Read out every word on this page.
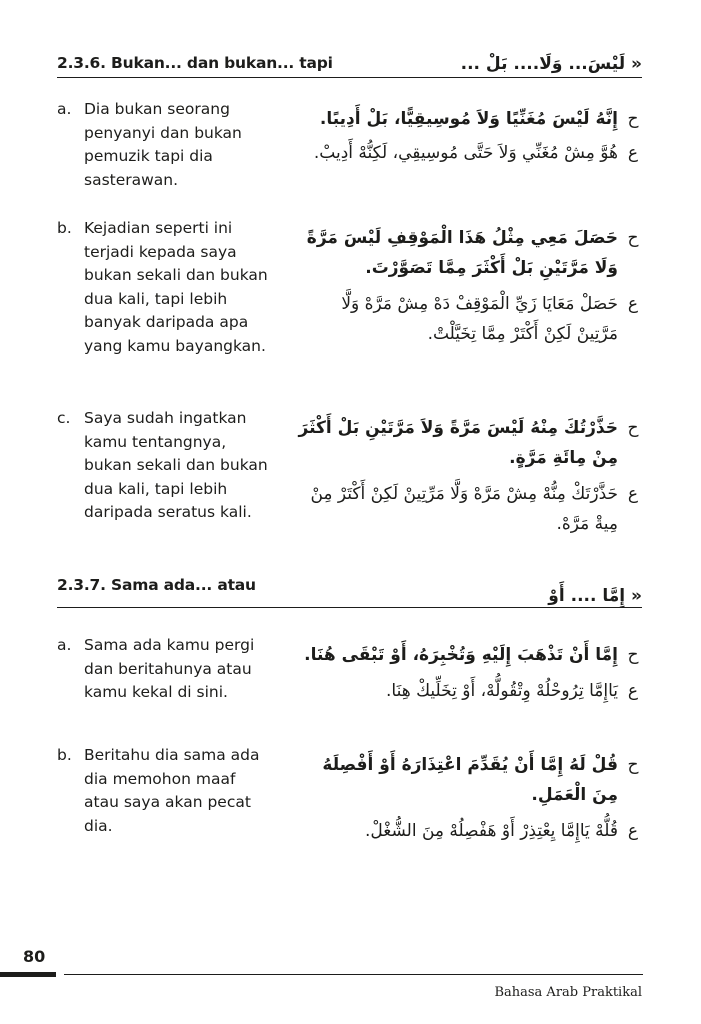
2.3.6. Bukan... dan bukan... tapi	« لَيْسَ... وَلَا.... بَلْ ...
a. Dia bukan seorang penyanyi dan bukan pemuzik tapi dia sasterawan.
ح
إِنَّهُ لَيْسَ مُغَنِّيًا وَلاَ مُوسِيقِيًّا، بَلْ أَدِيبًا.
ع
هُوَّ مِشْ مُغَنِّي وَلاَ حَتَّى مُوسِيقِي، لَكِنُّهْ أَدِيبْ.
b. Kejadian seperti ini terjadi kepada saya bukan sekali dan bukan dua kali, tapi lebih banyak daripada apa yang kamu bayangkan.
ح
حَصَلَ مَعِي مِثْلُ هَذَا الْمَوْقِفِ لَيْسَ مَرَّةً وَلَا مَرَّتَيْنِ بَلْ أَكْثَرَ مِمَّا تَصَوَّرْتَ.
ع
حَصَلْ مَعَايَا زَيِّ الْمَوْقِفْ دَهْ مِشْ مَرَّهْ وَلَّا مَرَّتِينْ لَكِنْ أَكْتَرْ مِمَّا تِخَيَّلْتْ.
c. Saya sudah ingatkan kamu tentangnya, bukan sekali dan bukan dua kali, tapi lebih daripada seratus kali.
ح
حَذَّرْتُكَ مِنْهُ لَيْسَ مَرَّةً وَلاَ مَرَّتَيْنِ بَلْ أَكْثَرَ مِنْ مِائَةِ مَرَّةٍ.
ع
حَذَّرْتَكْ مِنُّهْ مِشْ مَرَّهْ وَلَّا مَرِّتِينْ لَكِنْ أَكْتَرْ مِنْ مِيةْ مَرَّهْ.
2.3.7. Sama ada... atau
« إِمَّا .... أَوْ
a. Sama ada kamu pergi dan beritahunya atau kamu kekal di sini.
ح
إِمَّا أَنْ تَذْهَبَ إِلَيْهِ وَتُخْبِرَهُ، أَوْ تَبْقَى هُنَا.
ع
يَاإِمَّا تِرُوحْلُهْ وِتْقُولُّهْ، أَوْ تِخَلِّيكْ هِنَا.
b. Beritahu dia sama ada dia memohon maaf atau saya akan pecat dia.
ح
قُلْ لَهُ إِمَّا أَنْ يُقَدِّمَ اعْتِذَارَهُ أَوْ أَفْصِلَهُ مِنَ الْعَمَلِ.
ع
قُلُّهْ يَاإِمَّا يِعْتِذِرْ أَوْ هَفْصِلُهْ مِنَ الشُّغْلْ.
80
Bahasa Arab Praktikal
